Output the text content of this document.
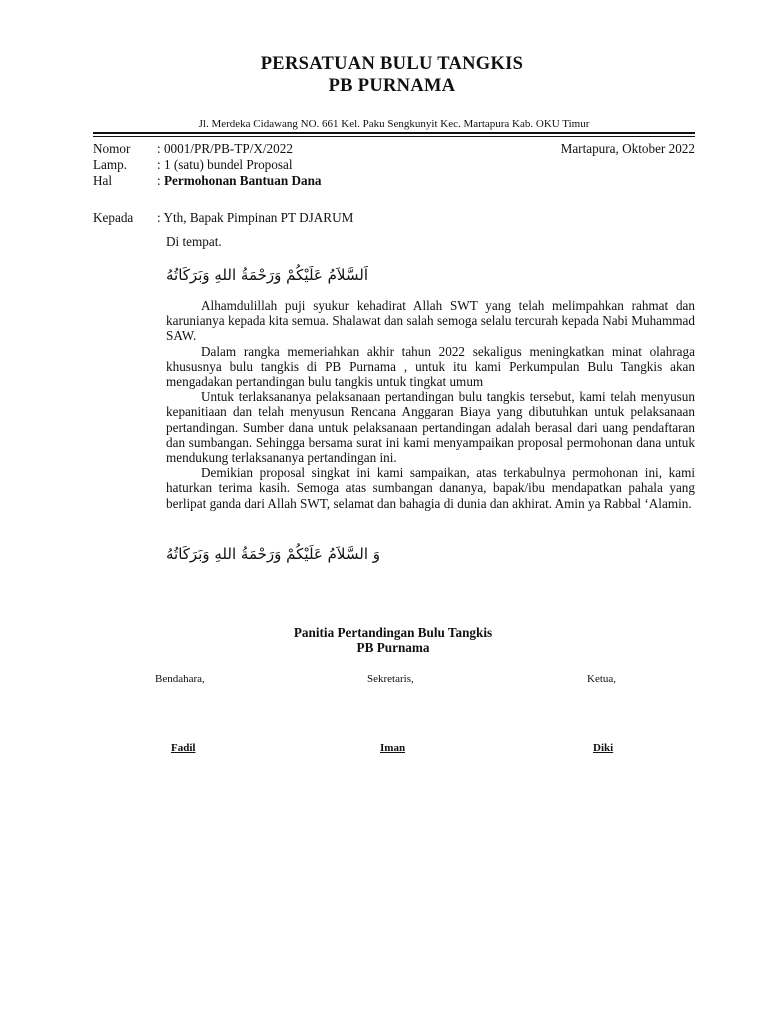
PERSATUAN BULU TANGKIS
PB PURNAMA
Jl. Merdeka Cidawang NO. 661 Kel. Paku Sengkunyit Kec. Martapura Kab. OKU Timur
Nomor : 0001/PR/PB-TP/X/2022	Martapura, Oktober 2022
Lamp. : 1 (satu) bundel Proposal
Hal	: Permohonan Bantuan Dana
Kepada : Yth, Bapak Pimpinan PT DJARUM
Di tempat.
اَلسَّلاَمُ عَلَيْكُمْ وَرَحْمَةُ اللهِ وَبَرَكَاتُهُ

Alhamdulillah puji syukur kehadirat Allah SWT yang telah melimpahkan rahmat dan karunianya kepada kita semua. Shalawat dan salah semoga selalu tercurah kepada Nabi Muhammad SAW.

Dalam rangka memeriahkan akhir tahun 2022 sekaligus meningkatkan minat olahraga khususnya bulu tangkis di PB Purnama , untuk itu kami Perkumpulan Bulu Tangkis akan mengadakan pertandingan bulu tangkis untuk tingkat umum

Untuk terlaksananya pelaksanaan pertandingan bulu tangkis tersebut, kami telah menyusun kepanitiaan dan telah menyusun Rencana Anggaran Biaya yang dibutuhkan untuk pelaksanaan pertandingan. Sumber dana untuk pelaksanaan pertandingan adalah berasal dari uang pendaftaran dan sumbangan. Sehingga bersama surat ini kami menyampaikan proposal permohonan dana untuk mendukung terlaksananya pertandingan ini.

Demikian proposal singkat ini kami sampaikan, atas terkabulnya permohonan ini, kami haturkan terima kasih. Semoga atas sumbangan dananya, bapak/ibu mendapatkan pahala yang berlipat ganda dari Allah SWT, selamat dan bahagia di dunia dan akhirat. Amin ya Rabbal ‘Alamin.

وَ السَّلاَمُ عَلَيْكُمْ وَرَحْمَةُ اللهِ وَبَرَكَاتُهُ
Panitia Pertandingan Bulu Tangkis
PB Purnama
Bendahara,	Sekretaris,	Ketua,
Fadil	Iman	Diki
